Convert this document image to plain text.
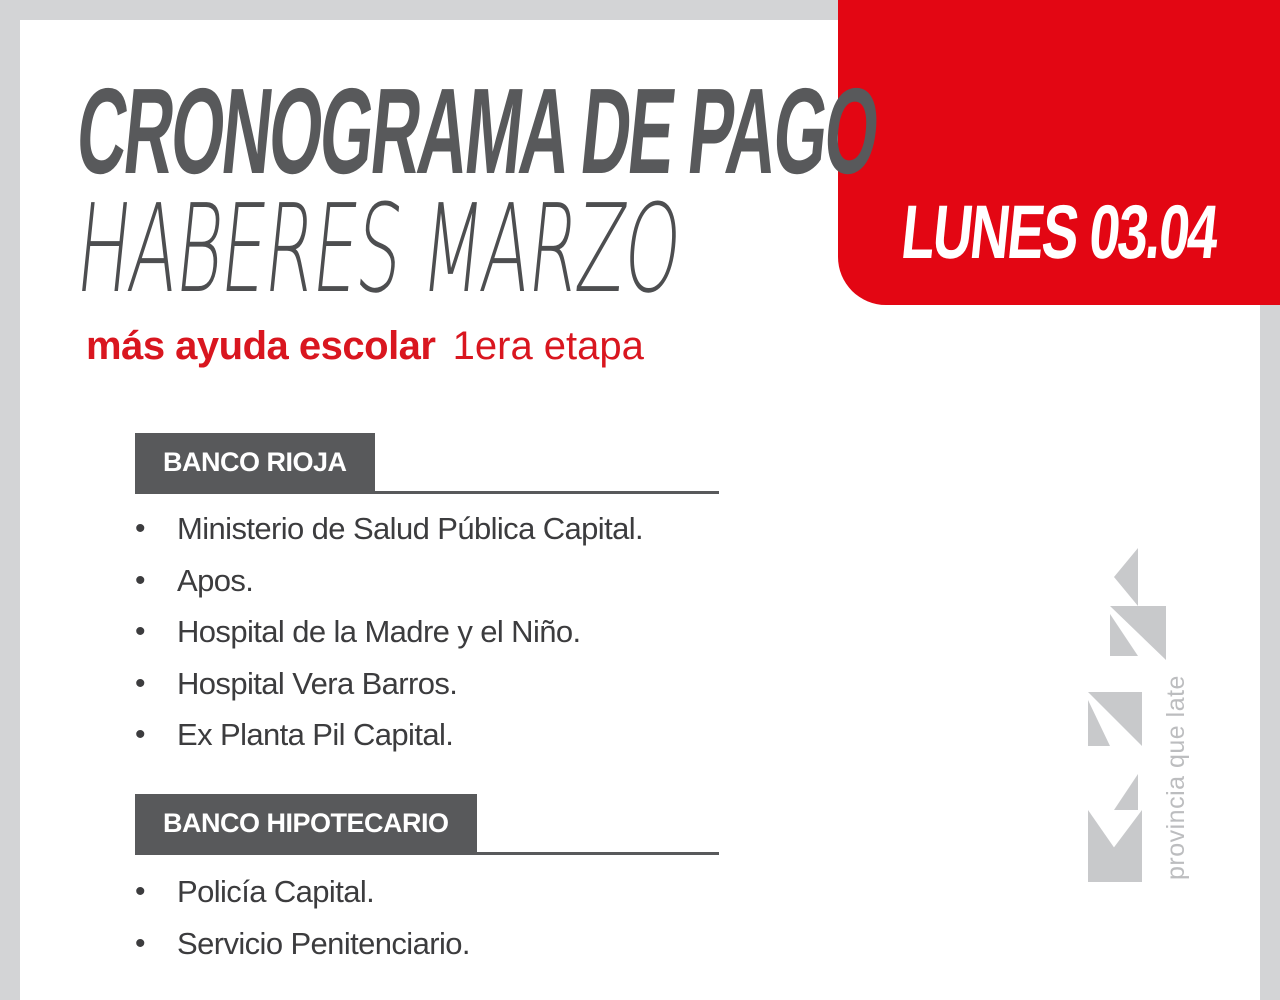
LUNES 03.04
CRONOGRAMA DE PAGO
HABERES MARZO
más ayuda escolar 1era etapa
BANCO RIOJA
• Ministerio de Salud Pública Capital.
• Apos.
• Hospital de la Madre y el Niño.
• Hospital Vera Barros.
• Ex Planta Pil Capital.
BANCO HIPOTECARIO
• Policía Capital.
• Servicio Penitenciario.
provincia que late
